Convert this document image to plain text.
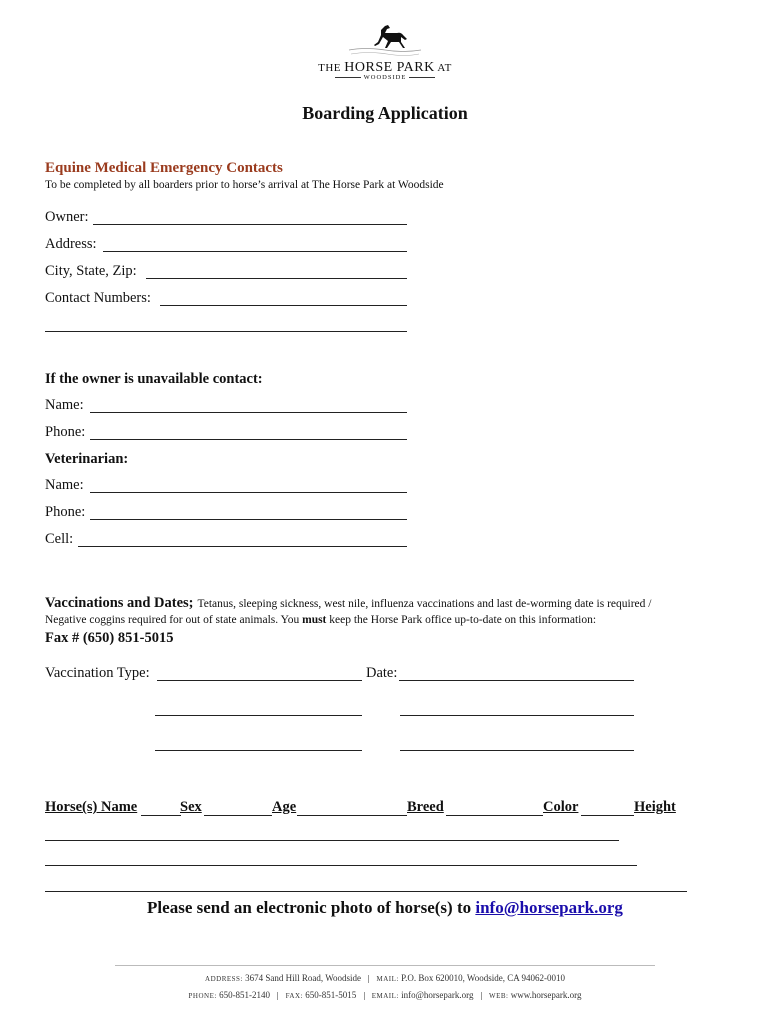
THE HORSE PARK AT
WOODSIDE
Boarding Application
Equine Medical Emergency Contacts
To be completed by all boarders prior to horse’s arrival at The Horse Park at Woodside
Owner:
Address:
City, State, Zip:
Contact Numbers:
If the owner is unavailable contact:
Name:
Phone:
Veterinarian:
Name:
Phone:
Cell:
Vaccinations and Dates; Tetanus, sleeping sickness, west nile, influenza vaccinations and last de-worming date is required /
Negative coggins required for out of state animals. You must keep the Horse Park office up-to-date on this information:
Fax # (650) 851-5015
Vaccination Type:	Date:
Horse(s) Name	Sex	Age	Breed	Color	Height
Please send an electronic photo of horse(s) to info@horsepark.org
ADDRESS: 3674 Sand Hill Road, Woodside MAIL: P.O. Box 620010, Woodside, CA 94062-0010
PHONE: 650-851-2140 FAX: 650-851-5015 EMAIL: info@horsepark.org WEB: www.horsepark.org
